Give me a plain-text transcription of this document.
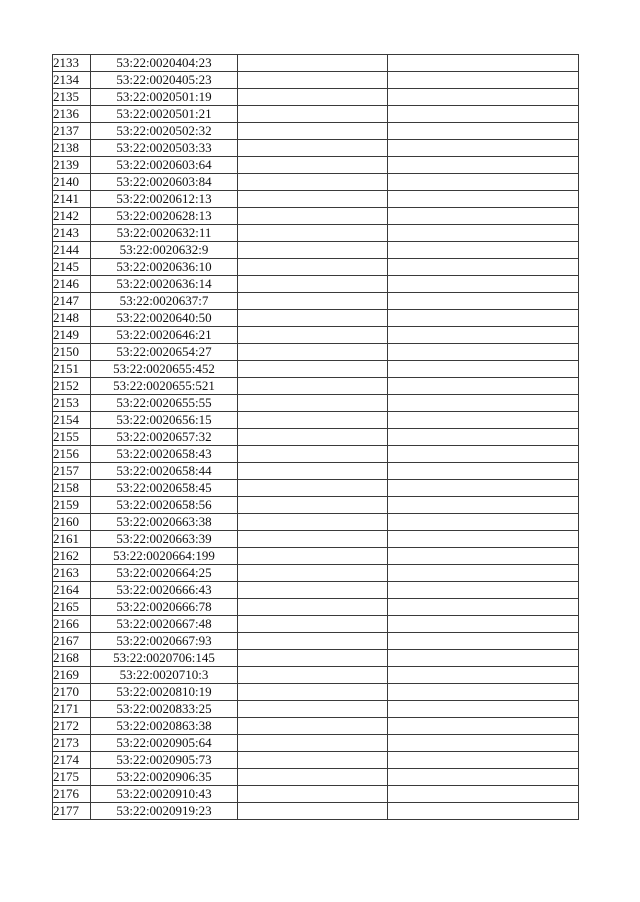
2133	53:22:0020404:23		
2134	53:22:0020405:23		
2135	53:22:0020501:19		
2136	53:22:0020501:21		
2137	53:22:0020502:32		
2138	53:22:0020503:33		
2139	53:22:0020603:64		
2140	53:22:0020603:84		
2141	53:22:0020612:13		
2142	53:22:0020628:13		
2143	53:22:0020632:11		
2144	53:22:0020632:9		
2145	53:22:0020636:10		
2146	53:22:0020636:14		
2147	53:22:0020637:7		
2148	53:22:0020640:50		
2149	53:22:0020646:21		
2150	53:22:0020654:27		
2151	53:22:0020655:452		
2152	53:22:0020655:521		
2153	53:22:0020655:55		
2154	53:22:0020656:15		
2155	53:22:0020657:32		
2156	53:22:0020658:43		
2157	53:22:0020658:44		
2158	53:22:0020658:45		
2159	53:22:0020658:56		
2160	53:22:0020663:38		
2161	53:22:0020663:39		
2162	53:22:0020664:199		
2163	53:22:0020664:25		
2164	53:22:0020666:43		
2165	53:22:0020666:78		
2166	53:22:0020667:48		
2167	53:22:0020667:93		
2168	53:22:0020706:145		
2169	53:22:0020710:3		
2170	53:22:0020810:19		
2171	53:22:0020833:25		
2172	53:22:0020863:38		
2173	53:22:0020905:64		
2174	53:22:0020905:73		
2175	53:22:0020906:35		
2176	53:22:0020910:43		
2177	53:22:0020919:23		
